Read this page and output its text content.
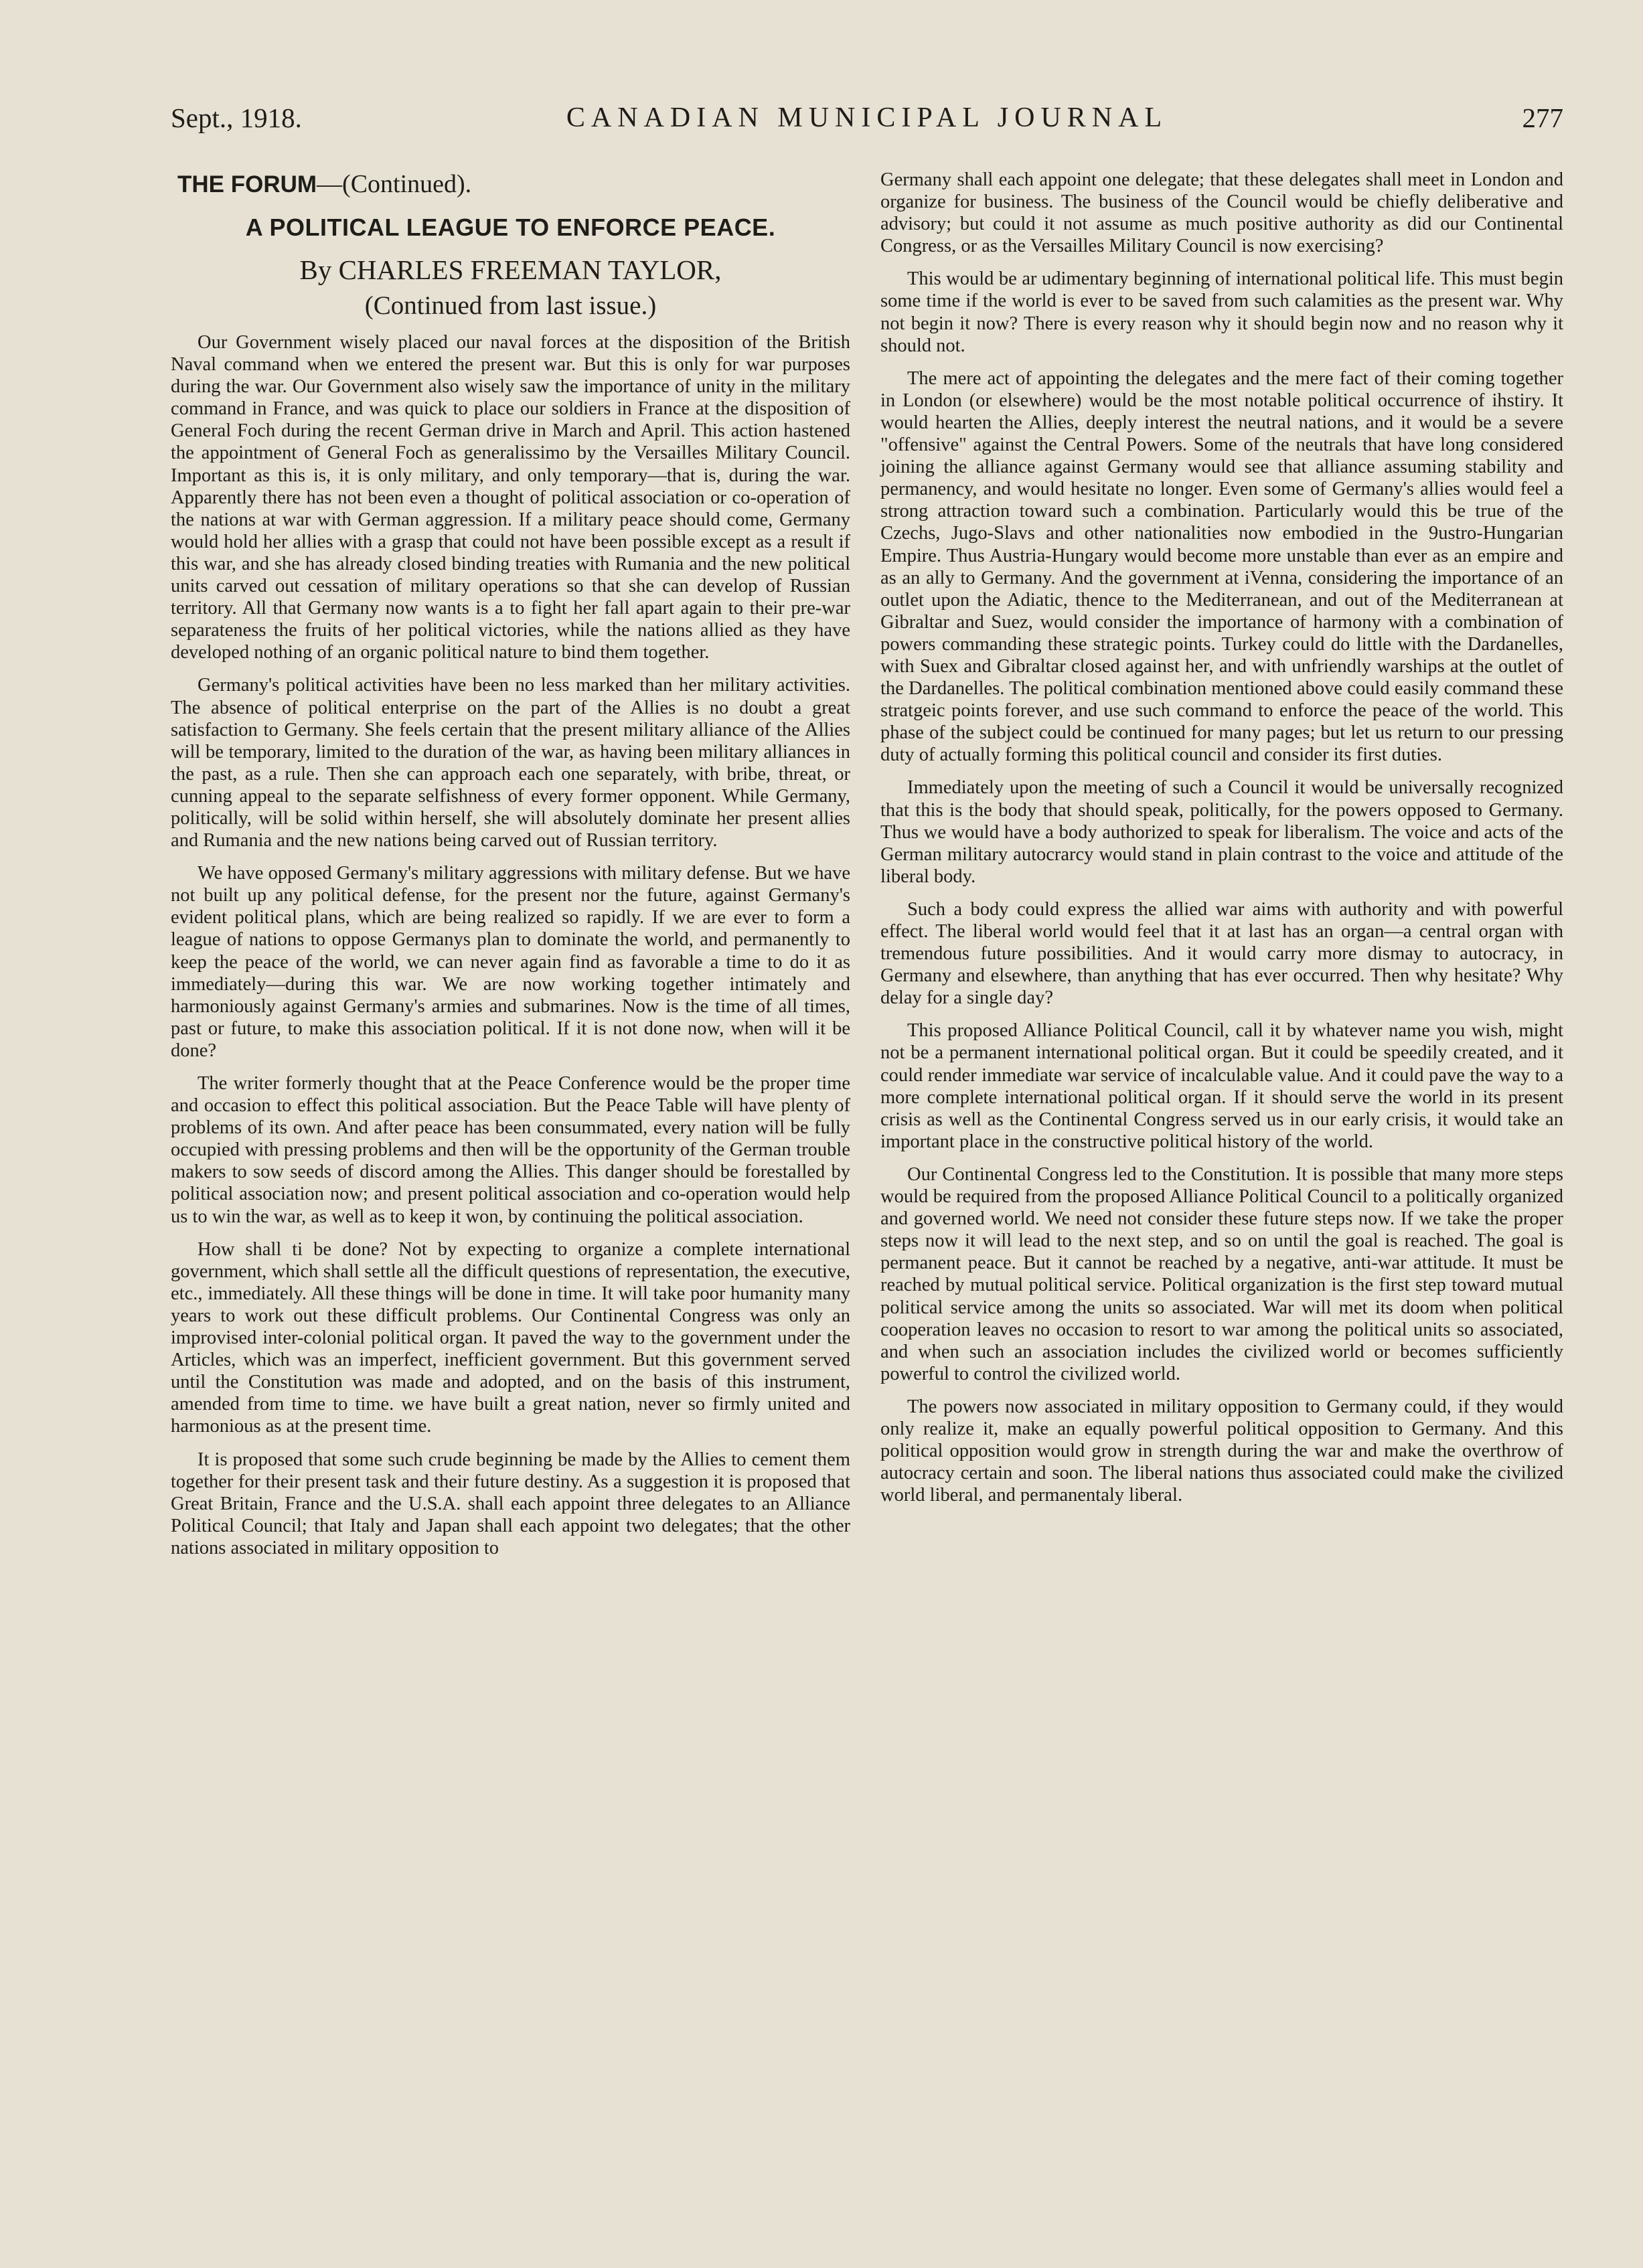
Sept., 1918.	CANADIAN MUNICIPAL JOURNAL	277
THE FORUM—(Continued).
A POLITICAL LEAGUE TO ENFORCE PEACE.
By CHARLES FREEMAN TAYLOR,
(Continued from last issue.)

Our Government wisely placed our naval forces at the disposition of the British Naval command when we entered the present war. But this is only for war purposes during the war. Our Government also wisely saw the importance of unity in the military command in France, and was quick to place our soldiers in France at the disposition of General Foch during the recent German drive in March and April. This action hastened the appointment of General Foch as generalissimo by the Versailles Military Council. Important as this is, it is only military, and only temporary—that is, during the war. Apparently there has not been even a thought of political association or co-operation of the nations at war with German aggression. If a military peace should come, Germany would hold her allies with a grasp that could not have been possible except as a result if this war, and she has already closed binding treaties with Rumania and the new political units carved out cessation of military operations so that she can develop of Russian territory. All that Germany now wants is a to fight her fall apart again to their pre-war separateness the fruits of her political victories, while the nations allied as they have developed nothing of an organic political nature to bind them together.

Germany's political activities have been no less marked than her military activities. The absence of political enterprise on the part of the Allies is no doubt a great satisfaction to Germany. She feels certain that the present military alliance of the Allies will be temporary, limited to the duration of the war, as having been military alliances in the past, as a rule. Then she can approach each one separately, with bribe, threat, or cunning appeal to the separate selfishness of every former opponent. While Germany, politically, will be solid within herself, she will absolutely dominate her present allies and Rumania and the new nations being carved out of Russian territory.

We have opposed Germany's military aggressions with military defense. But we have not built up any political defense, for the present nor the future, against Germany's evident political plans, which are being realized so rapidly. If we are ever to form a league of nations to oppose Germanys plan to dominate the world, and permanently to keep the peace of the world, we can never again find as favorable a time to do it as immediately—during this war. We are now working together intimately and harmoniously against Germany's armies and submarines. Now is the time of all times, past or future, to make this association political. If it is not done now, when will it be done?

The writer formerly thought that at the Peace Conference would be the proper time and occasion to effect this political association. But the Peace Table will have plenty of problems of its own. And after peace has been consummated, every nation will be fully occupied with pressing problems and then will be the opportunity of the German trouble makers to sow seeds of discord among the Allies. This danger should be forestalled by political association now; and present political association and co-operation would help us to win the war, as well as to keep it won, by continuing the political association.

How shall ti be done? Not by expecting to organize a complete international government, which shall settle all the difficult questions of representation, the executive, etc., immediately. All these things will be done in time. It will take poor humanity many years to work out these difficult problems. Our Continental Congress was only an improvised inter-colonial political organ. It paved the way to the government under the Articles, which was an imperfect, inefficient government. But this government served until the Constitution was made and adopted, and on the basis of this instrument, amended from time to time. we have built a great nation, never so firmly united and harmonious as at the present time.

It is proposed that some such crude beginning be made by the Allies to cement them together for their present task and their future destiny. As a suggestion it is proposed that Great Britain, France and the U.S.A. shall each appoint three delegates to an Alliance Political Council; that Italy and Japan shall each appoint two delegates; that the other nations associated in military opposition to

Germany shall each appoint one delegate; that these delegates shall meet in London and organize for business. The business of the Council would be chiefly deliberative and advisory; but could it not assume as much positive authority as did our Continental Congress, or as the Versailles Military Council is now exercising?

This would be ar udimentary beginning of international political life. This must begin some time if the world is ever to be saved from such calamities as the present war. Why not begin it now? There is every reason why it should begin now and no reason why it should not.

The mere act of appointing the delegates and the mere fact of their coming together in London (or elsewhere) would be the most notable political occurrence of ihstiry. It would hearten the Allies, deeply interest the neutral nations, and it would be a severe "offensive" against the Central Powers. Some of the neutrals that have long considered joining the alliance against Germany would see that alliance assuming stability and permanency, and would hesitate no longer. Even some of Germany's allies would feel a strong attraction toward such a combination. Particularly would this be true of the Czechs, Jugo-Slavs and other nationalities now embodied in the 9ustro-Hungarian Empire. Thus Austria-Hungary would become more unstable than ever as an empire and as an ally to Germany. And the government at iVenna, considering the importance of an outlet upon the Adiatic, thence to the Mediterranean, and out of the Mediterranean at Gibraltar and Suez, would consider the importance of harmony with a combination of powers commanding these strategic points. Turkey could do little with the Dardanelles, with Suex and Gibraltar closed against her, and with unfriendly warships at the outlet of the Dardanelles. The political combination mentioned above could easily command these stratgeic points forever, and use such command to enforce the peace of the world. This phase of the subject could be continued for many pages; but let us return to our pressing duty of actually forming this political council and consider its first duties.

Immediately upon the meeting of such a Council it would be universally recognized that this is the body that should speak, politically, for the powers opposed to Germany. Thus we would have a body authorized to speak for liberalism. The voice and acts of the German military autocrarcy would stand in plain contrast to the voice and attitude of the liberal body.

Such a body could express the allied war aims with authority and with powerful effect. The liberal world would feel that it at last has an organ—a central organ with tremendous future possibilities. And it would carry more dismay to autocracy, in Germany and elsewhere, than anything that has ever occurred. Then why hesitate? Why delay for a single day?

This proposed Alliance Political Council, call it by whatever name you wish, might not be a permanent international political organ. But it could be speedily created, and it could render immediate war service of incalculable value. And it could pave the way to a more complete international political organ. If it should serve the world in its present crisis as well as the Continental Congress served us in our early crisis, it would take an important place in the constructive political history of the world.

Our Continental Congress led to the Constitution. It is possible that many more steps would be required from the proposed Alliance Political Council to a politically organized and governed world. We need not consider these future steps now. If we take the proper steps now it will lead to the next step, and so on until the goal is reached. The goal is permanent peace. But it cannot be reached by a negative, anti-war attitude. It must be reached by mutual political service. Political organization is the first step toward mutual political service among the units so associated. War will met its doom when political cooperation leaves no occasion to resort to war among the political units so associated, and when such an association includes the civilized world or becomes sufficiently powerful to control the civilized world.

The powers now associated in military opposition to Germany could, if they would only realize it, make an equally powerful political opposition to Germany. And this political opposition would grow in strength during the war and make the overthrow of autocracy certain and soon. The liberal nations thus associated could make the civilized world liberal, and permanentaly liberal.
